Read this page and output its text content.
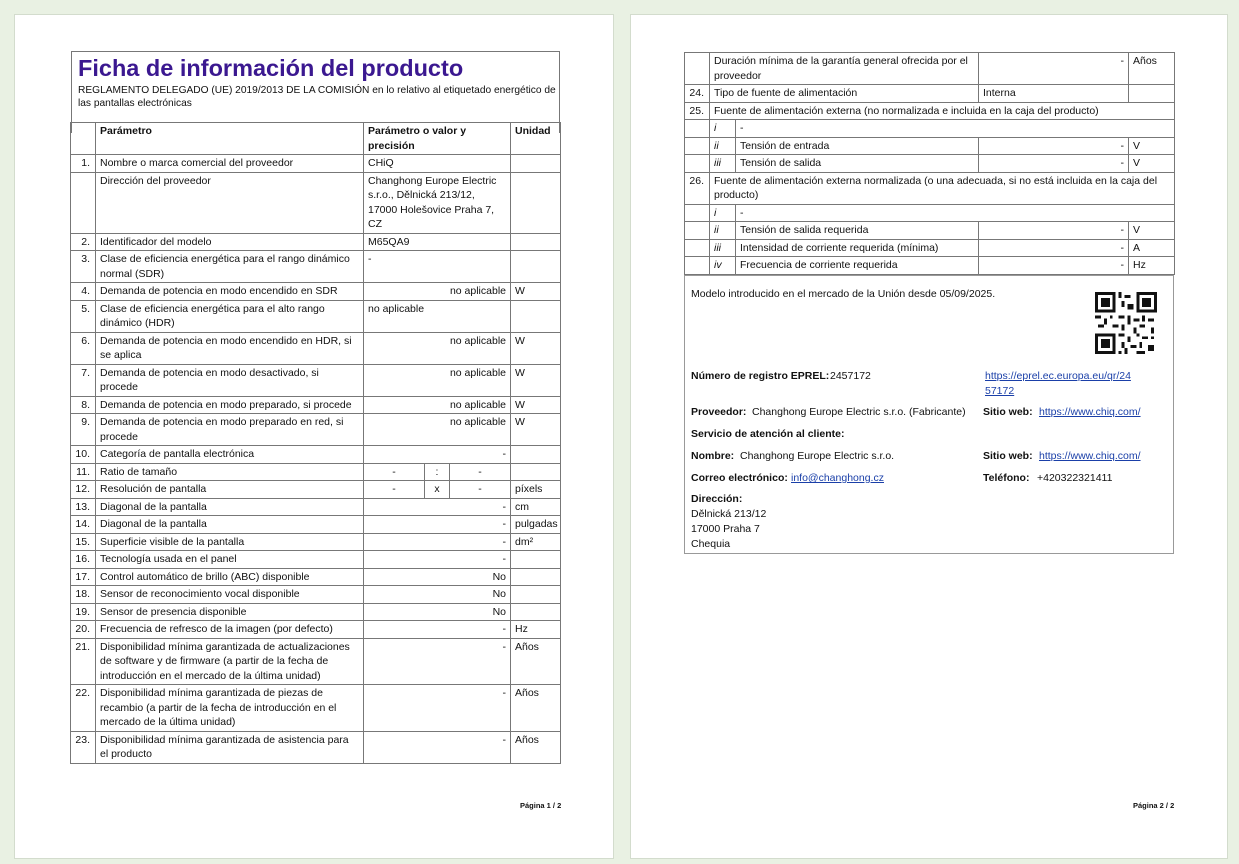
Ficha de información del producto

REGLAMENTO DELEGADO (UE) 2019/2013 DE LA COMISIÓN en lo relativo al etiquetado energético de las pantallas electrónicas

	Parámetro	Parámetro o valor y precisión			Unidad
1.	Nombre o marca comercial del proveedor	CHiQ			
	Dirección del proveedor	Changhong Europe Electric s.r.o., Dělnická 213/12, 17000 Holešovice Praha 7, CZ			
2.	Identificador del modelo	M65QA9			
3.	Clase de eficiencia energética para el rango dinámico normal (SDR)	-			
4.	Demanda de potencia en modo encendido en SDR	no aplicable			W
5.	Clase de eficiencia energética para el alto rango dinámico (HDR)	no aplicable			
6.	Demanda de potencia en modo encendido en HDR, si se aplica	no aplicable			W
7.	Demanda de potencia en modo desactivado, si procede	no aplicable			W
8.	Demanda de potencia en modo preparado, si procede	no aplicable			W
9.	Demanda de potencia en modo preparado en red, si procede	no aplicable			W
10.	Categoría de pantalla electrónica	-			
11.	Ratio de tamaño	-	:	-	
12.	Resolución de pantalla	-	x	-	píxels
13.	Diagonal de la pantalla	-			cm
14.	Diagonal de la pantalla	-			pulgadas
15.	Superficie visible de la pantalla	-			dm²
16.	Tecnología usada en el panel	-			
17.	Control automático de brillo (ABC) disponible	No			
18.	Sensor de reconocimiento vocal disponible	No			
19.	Sensor de presencia disponible	No			
20.	Frecuencia de refresco de la imagen (por defecto)	-			Hz
21.	Disponibilidad mínima garantizada de actualizaciones de software y de firmware (a partir de la fecha de introducción en el mercado de la última unidad)	-			Años
22.	Disponibilidad mínima garantizada de piezas de recambio (a partir de la fecha de introducción en el mercado de la última unidad)	-			Años
23.	Disponibilidad mínima garantizada de asistencia para el producto	-			Años
Página 1 / 2
	Duración mínima de la garantía general ofrecida por el proveedor		-	Años
24.	Tipo de fuente de alimentación		Interna	
25.	Fuente de alimentación externa (no normalizada e incluida en la caja del producto)			
	i	-		
	ii	Tensión de entrada	-	V
	iii	Tensión de salida	-	V
26.	Fuente de alimentación externa normalizada (o una adecuada, si no está incluida en la caja del producto)			
	i	-		
	ii	Tensión de salida requerida	-	V
	iii	Intensidad de corriente requerida (mínima)	-	A
	iv	Frecuencia de corriente requerida	-	Hz
Modelo introducido en el mercado de la Unión desde 05/09/2025.
Número de registro EPREL: 2457172	https://eprel.ec.europa.eu/qr/24
57172
Proveedor: Changhong Europe Electric s.r.o. (Fabricante) Sitio web: https://www.chiq.com/
Servicio de atención al cliente:
Nombre: Changhong Europe Electric s.r.o.	Sitio web: https://www.chiq.com/
Correo electrónico: info@changhong.cz	Teléfono: +420322321411
Dirección:
Dělnická 213/12
17000 Praha 7
Chequia
Página 2 / 2
